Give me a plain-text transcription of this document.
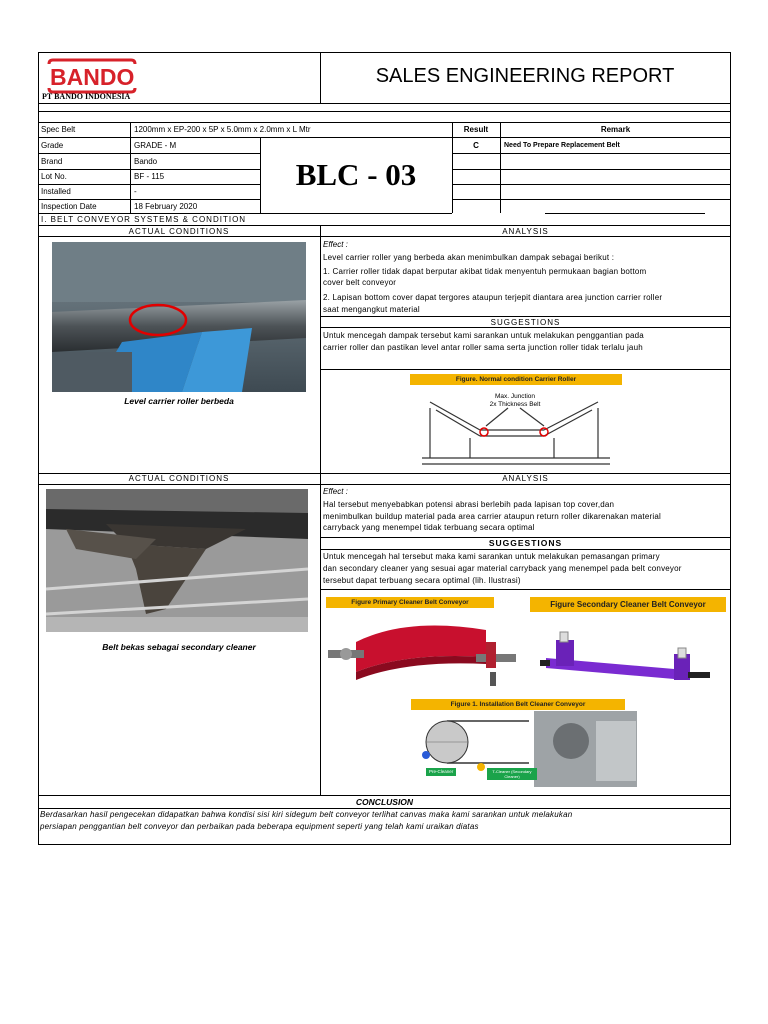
BANDO
PT BANDO INDONESIA
SALES ENGINEERING REPORT
Spec Belt	1200mm x EP-200 x 5P x 5.0mm x 2.0mm x L Mtr
Grade	GRADE - M
Brand	Bando
Lot No.	BF - 115
Installed	-
Inspection Date	18 February 2020
BLC - 03
Result	Remark
C	Need To Prepare Replacement Belt
I. BELT CONVEYOR SYSTEMS & CONDITION
ACTUAL CONDITIONS	ANALYSIS
Level carrier roller berbeda
Effect :
Level carrier roller yang berbeda akan menimbulkan dampak sebagai berikut :
1. Carrier roller tidak dapat berputar akibat tidak menyentuh permukaan bagian bottom
cover belt conveyor
2. Lapisan bottom cover dapat tergores ataupun terjepit diantara area junction carrier roller
saat mengangkut material
SUGGESTIONS
Untuk mencegah dampak tersebut kami sarankan untuk melakukan penggantian pada
carrier roller dan pastikan level antar roller sama serta junction roller tidak terlalu jauh
Figure. Normal condition Carrier Roller
Max. Junction
2x Thickness Belt
ACTUAL CONDITIONS	ANALYSIS
Belt bekas sebagai secondary cleaner
Effect :
Hal tersebut menyebabkan potensi abrasi berlebih pada lapisan top cover,dan
menimbulkan buildup material pada area carrier ataupun return roller dikarenakan material
carryback yang menempel tidak terbuang secara optimal
SUGGESTIONS
Untuk mencegah hal tersebut maka kami sarankan untuk melakukan pemasangan primary
dan secondary cleaner yang sesuai agar material carryback yang menempel pada belt conveyor
tersebut dapat terbuang secara optimal (lih. Ilustrasi)
Figure Primary Cleaner Belt Conveyor	Figure Secondary Cleaner Belt Conveyor
Figure 1. Installation Belt Cleaner Conveyor
Pre-Cleaner	T-Cleaner (Secondary Cleaner)
CONCLUSION
Berdasarkan hasil pengecekan didapatkan bahwa kondisi sisi kiri sidegum belt conveyor terlihat canvas maka kami sarankan untuk melakukan
persiapan penggantian belt conveyor dan perbaikan pada beberapa equipment seperti yang telah kami uraikan diatas
